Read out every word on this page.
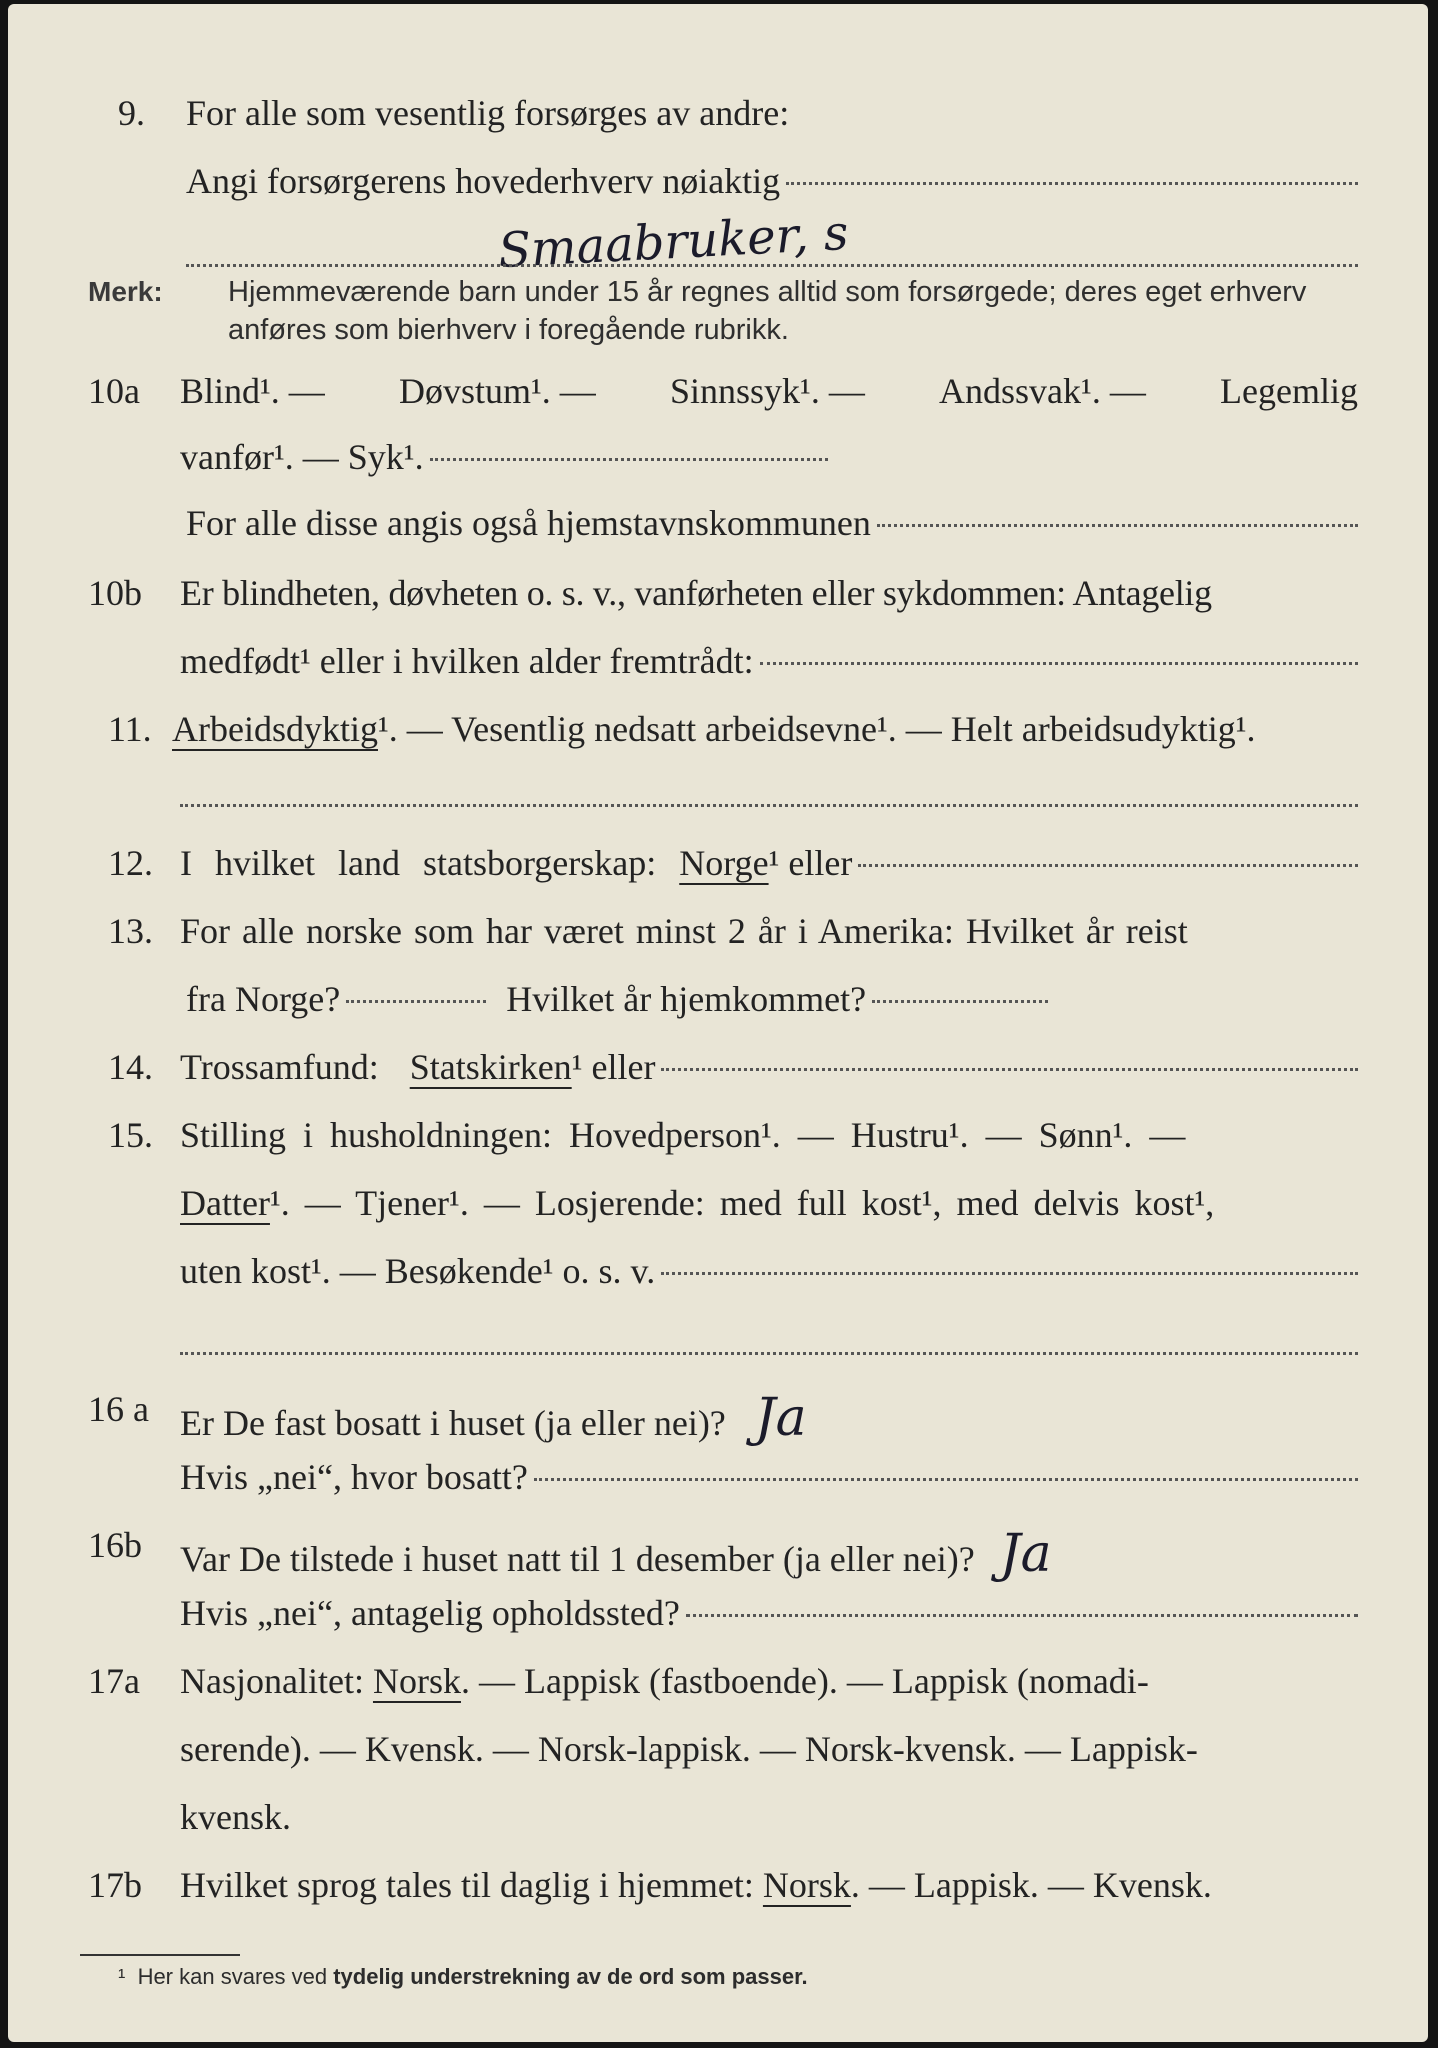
9. For alle som vesentlig forsørges av andre:
Angi forsørgerens hovederhverv nøiaktig
Smaabruker, s
Merk: Hjemmeværende barn under 15 år regnes alltid som forsørgede; deres eget erhverv
anføres som bierhverv i foregående rubrikk.
10a Blind¹. — Døvstum¹. — Sinnssyk¹. — Andssvak¹. — Legemlig
vanfør¹. — Syk¹.
For alle disse angis også hjemstavnskommunen
10b Er blindheten, døvheten o. s. v., vanførheten eller sykdommen: Antagelig
medfødt¹ eller i hvilken alder fremtrådt:
11. Arbeidsdyktig¹. — Vesentlig nedsatt arbeidsevne¹. — Helt arbeidsudyktig¹.
12. I hvilket land statsborgerskap: Norge ¹ eller
13. For alle norske som har været minst 2 år i Amerika: Hvilket år reist
fra Norge?	Hvilket år hjemkommet?
14. Trossamfund: Statskirken ¹ eller
15. Stilling i husholdningen: Hovedperson¹. — Hustru¹. — Sønn¹. —
Datter¹. — Tjener¹. — Losjerende: med full kost¹, med delvis kost¹,
uten kost¹. — Besøkende¹ o. s. v.
16 a Er De fast bosatt i huset (ja eller nei)? Ja
Hvis „nei“, hvor bosatt?
16b Var De tilstede i huset natt til 1 desember (ja eller nei)? Ja
Hvis „nei“, antagelig opholdssted?
17a Nasjonalitet: Norsk. — Lappisk (fastboende). — Lappisk (nomadi-
serende). — Kvensk. — Norsk-lappisk. — Norsk-kvensk. — Lappisk-
kvensk.
17b Hvilket sprog tales til daglig i hjemmet: Norsk. — Lappisk. — Kvensk.
¹ Her kan svares ved tydelig understrekning av de ord som passer.
